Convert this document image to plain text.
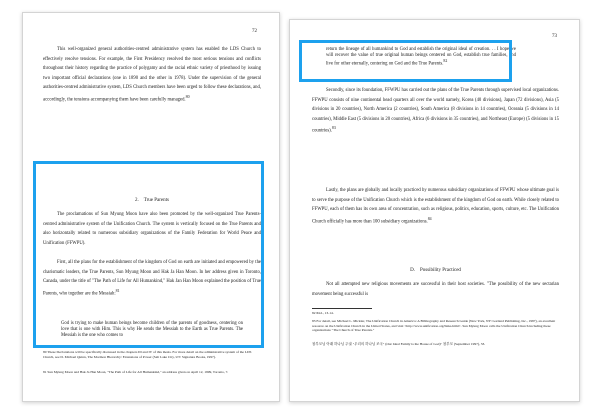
72

This well-organized general authorities-centred administrative system has enabled the LDS Church to effectively resolve tensions. For example, the First Presidency resolved the most serious tensions and conflicts throughout their history regarding the practice of polygamy and the racial ethnic variety of priesthood by issuing two important official declarations (one in 1890 and the other in 1978). Under the supervision of the general authorities-centred administrative system, LDS Church members have been urged to follow these declarations, and, accordingly, the tensions accompanying them have been carefully managed.$^{80}$

2. True Parents

The proclamations of Sun Myung Moon have also been promoted by the well-organized True Parents-centred administrative system of the Unification Church. The system is vertically focused on the True Parents and also horizontally related to numerous subsidiary organizations of the Family Federation for World Peace and Unification (FFWPU).

First, all the plans for the establishment of the kingdom of God on earth are initiated and empowered by the charismatic leaders, the True Parents, Sun Myung Moon and Hak Ja Han Moon. In her address given in Toronto, Canada, under the title of "The Path of Life for All Humankind," Hak Jan Han Moon explained the position of True Parents, who together are the Messiah:$^{81}$

God is trying to make human beings become children of the parents of goodness, centering on love that is one with Him. This is why He sends the Messiah to the Earth as True Parents. The Messiah is the one who comes to

80 These Declarations will be specifically discussed in the chapters III and IV of this thesis. For more detail on the administrative system of the LDS Church, see D. Michael Quinn, The Mormon Hierarchy: Extensions of Power (Salt Lake City, UT: Signature Books, 1997).

81 Sun Myung Moon and Hak Ja Han Moon, "The Path of Life for All Humankind," an address given on April 12, 1999, Toronto, 7.

73

return the lineage of all humankind to God and establish the original ideal of creation. . . I hope we will recover the value of true original human beings centered on God, establish true families, and live for other eternally, centering on God and the True Parents.$^{82}$

Secondly, since its foundation, FFWPU has carried out the plans of the True Parents through supervised local organizations. FFWPU consists of nine continental head quarters all over the world namely, Korea (40 divisions), Japan (72 divisions), Asia (5 divisions in 20 countries), North America (2 countries), South America (8 divisions in 14 countries), Oceania (5 divisions in 14 countries), Middle East (5 divisions in 20 countries), Africa (6 divisions in 35 countries), and Northeast (Europe) (5 divisions in 15 countries).$^{83}$

Lastly, the plans are globally and locally practiced by numerous subsidiary organizations of FFWPU whose ultimate goal is to serve the purpose of the Unification Church which is the establishment of the kingdom of God on earth. While closely related to FFWPU, each of them has its own area of concentration, such as religious, politics, education, sports, culture, etc. The Unification Church officially has more than 100 subsidiary organizations.$^{84}$

D. Possibility Practiced

Not all attempted new religious movements are successful in their host societies. "The possibility of the new sectarian movement being successful is

82 Ibid., 13-14.

83 For detail, see Michael L. Mickler, The Unification Church in America: A Bibliography and Research Guide (New York, NY: Garland Publishing, Inc., 1987), an excellent resource on the Unification Church in the United States, and visit <http://www.unification.org/links.html>. Sun Myung Moon calls the Unification Church including these organizations "The Church of True Parents."

참부모님 아래 하나님 주권 "우리의 하나님 조국" (Our Ideal Family is the House of God)" 참부모 (September 1997), 33.
